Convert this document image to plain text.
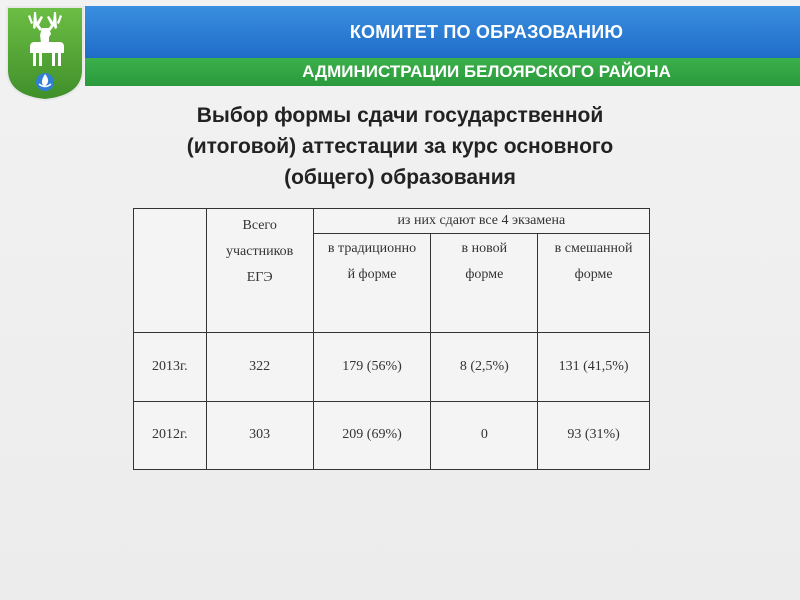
КОМИТЕТ ПО ОБРАЗОВАНИЮ
АДМИНИСТРАЦИИ БЕЛОЯРСКОГО РАЙОНА
Выбор формы сдачи государственной
(итоговой) аттестации за курс основного
(общего) образования

	Всего участников ЕГЭ	из них сдают все 4 экзамена		

		в традиционно й форме	в новой форме	в смешанной форме

2013г.	322	179 (56%)	8 (2,5%)	131 (41,5%)
2012г.	303	209 (69%)	0	93 (31%)
